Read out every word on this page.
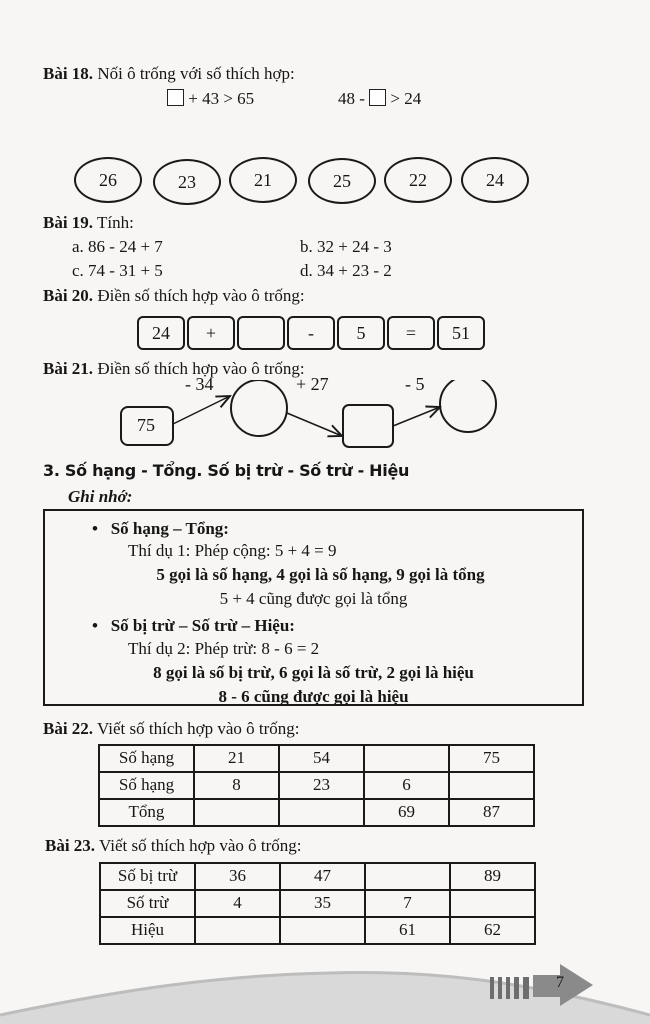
Bài 18. Nối ô trống với số thích hợp:
+ 43 > 65	48 - > 24
26	23	21	25	22	24
Bài 19. Tính:
a. 86 - 24 + 7	b. 32 + 24 - 3
c. 74 - 31 + 5	d. 34 + 23 - 2
Bài 20. Điền số thích hợp vào ô trống:
24	+	-	5	=	51
Bài 21. Điền số thích hợp vào ô trống:
75
- 34	+ 27	- 5
3. Số hạng - Tổng. Số bị trừ - Số trừ - Hiệu
Ghi nhớ:
•   Số hạng – Tổng:
Thí dụ 1: Phép cộng: 5 + 4 = 9
5 gọi là số hạng, 4 gọi là số hạng, 9 gọi là tổng
5 + 4 cũng được gọi là tổng
•   Số bị trừ – Số trừ – Hiệu:
Thí dụ 2: Phép trừ: 8 - 6 = 2
8 gọi là số bị trừ, 6 gọi là số trừ, 2 gọi là hiệu
8 - 6 cũng được gọi là hiệu
Bài 22. Viết số thích hợp vào ô trống:
Số hạng	21	54		75
Số hạng	8	23	6	
Tổng			69	87
Bài 23. Viết số thích hợp vào ô trống:
Số bị trừ	36	47		89
Số trừ	4	35	7	
Hiệu			61	62
7
